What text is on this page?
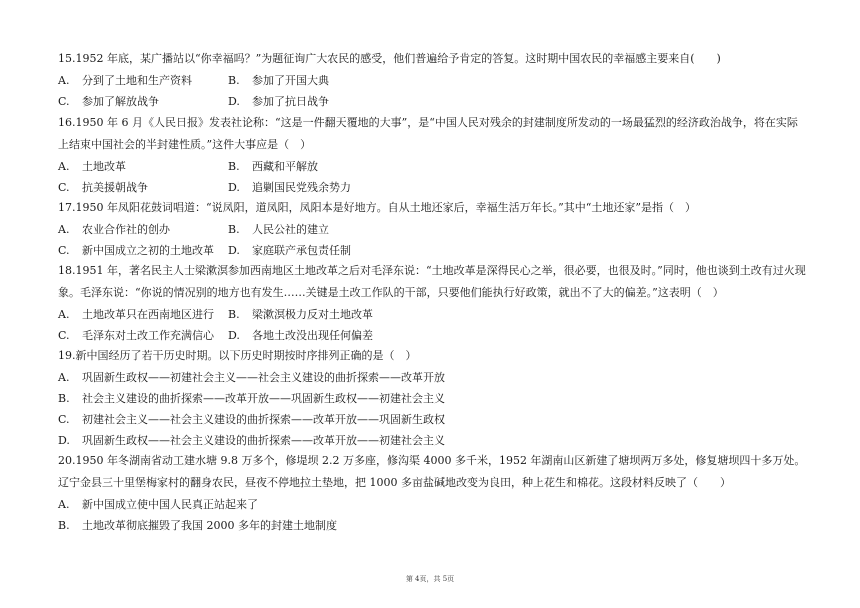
15.1952 年底，某广播站以“你幸福吗？”为题征询广大农民的感受，他们普遍给予肯定的答复。这时期中国农民的幸福感主要来自(　　)
A. 分到了土地和生产资料	B. 参加了开国大典
C. 参加了解放战争	D. 参加了抗日战争
16.1950 年 6 月《人民日报》发表社论称：“这是一件翻天覆地的大事”，是“中国人民对残余的封建制度所发动的一场最猛烈的经济政治战争，将在实际上结束中国社会的半封建性质。”这件大事应是（　）
A. 土地改革	B. 西藏和平解放
C. 抗美援朝战争	D. 追剿国民党残余势力
17.1950 年凤阳花鼓词唱道：“说凤阳，道凤阳，凤阳本是好地方。自从土地还家后，幸福生活万年长。”其中“土地还家”是指（　）
A. 农业合作社的创办	B. 人民公社的建立
C. 新中国成立之初的土地改革 D. 家庭联产承包责任制
18.1951 年，著名民主人士梁漱溟参加西南地区土地改革之后对毛泽东说：“土地改革是深得民心之举，很必要，也很及时。”同时，他也谈到土改有过火现象。毛泽东说：“你说的情况别的地方也有发生……关键是土改工作队的干部，只要他们能执行好政策，就出不了大的偏差。”这表明（　）
A. 土地改革只在西南地区进行 B. 梁漱溟极力反对土地改革
C. 毛泽东对土改工作充满信心 D. 各地土改没出现任何偏差
19.新中国经历了若干历史时期。以下历史时期按时序排列正确的是（　）
A. 巩固新生政权——初建社会主义——社会主义建设的曲折探索——改革开放
B. 社会主义建设的曲折探索——改革开放——巩固新生政权——初建社会主义
C. 初建社会主义——社会主义建设的曲折探索——改革开放——巩固新生政权
D. 巩固新生政权——社会主义建设的曲折探索——改革开放——初建社会主义
20.1950 年冬湖南省动工建水塘 9.8 万多个，修堤坝 2.2 万多座，修沟渠 4000 多千米，1952 年湖南山区新建了塘坝两万多处，修复塘坝四十多万处。辽宁金县三十里堡梅家村的翻身农民，昼夜不停地拉土垫地，把 1000 多亩盐碱地改变为良田，种上花生和棉花。这段材料反映了（　　）
A. 新中国成立使中国人民真正站起来了
B. 土地改革彻底摧毁了我国 2000 多年的封建土地制度
第 4页，共 5页
